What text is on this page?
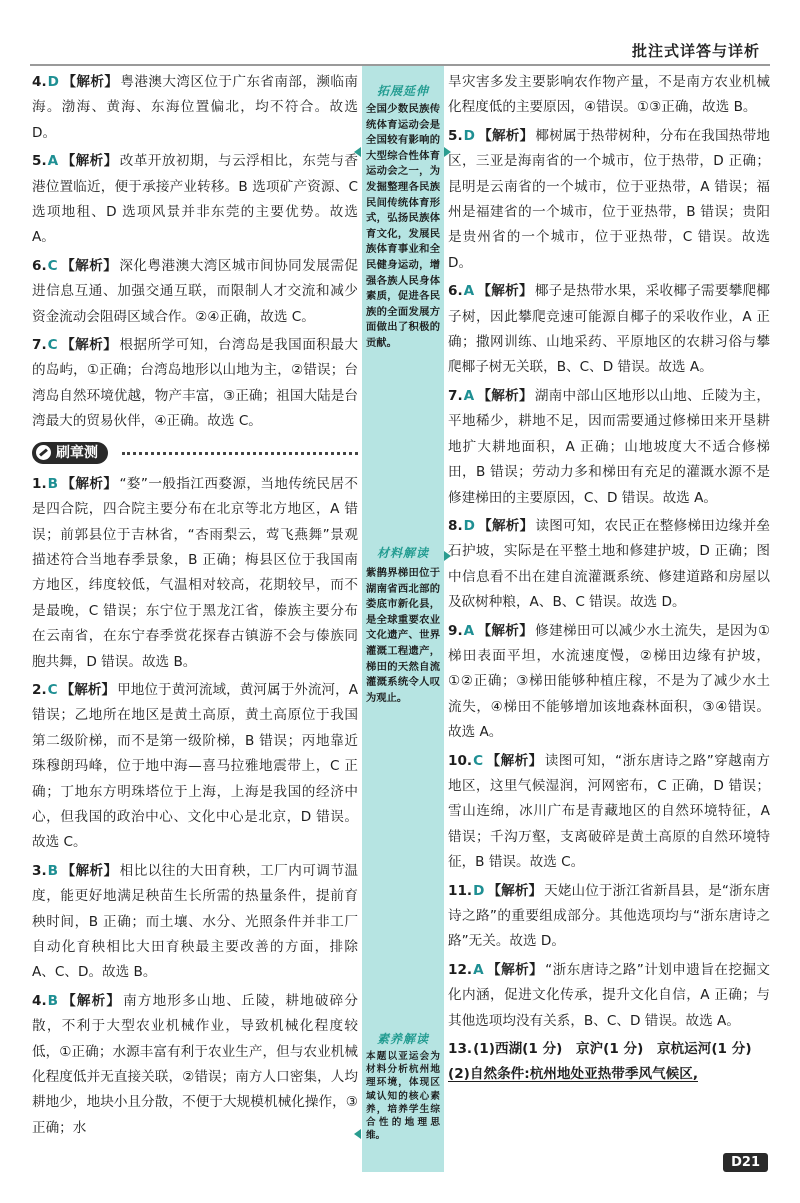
批注式详答与详析
4.D 【解析】 粤港澳大湾区位于广东省南部，濒临南海。渤海、黄海、东海位置偏北，均不符合。故选 D。
5.A 【解析】 改革开放初期，与云浮相比，东莞与香港位置临近，便于承接产业转移。B 选项矿产资源、C 选项地租、D 选项风景并非东莞的主要优势。故选 A。
6.C 【解析】 深化粤港澳大湾区城市间协同发展需促进信息互通、加强交通互联，而限制人才交流和减少资金流动会阻碍区域合作。②④正确，故选 C。
7.C 【解析】 根据所学可知，台湾岛是我国面积最大的岛屿，①正确；台湾岛地形以山地为主，②错误；台湾岛自然环境优越，物产丰富，③正确；祖国大陆是台湾最大的贸易伙伴，④正确。故选 C。
刷章测
1.B 【解析】 “婺”一般指江西婺源，当地传统民居不是四合院，四合院主要分布在北京等北方地区，A 错误；前郭县位于吉林省，“杏雨梨云，莺飞燕舞”景观描述符合当地春季景象，B 正确；梅县区位于我国南方地区，纬度较低，气温相对较高，花期较早，而不是最晚，C 错误；东宁位于黑龙江省，傣族主要分布在云南省，在东宁春季赏花探春古镇游不会与傣族同胞共舞，D 错误。故选 B。
2.C 【解析】 甲地位于黄河流域，黄河属于外流河，A 错误；乙地所在地区是黄土高原，黄土高原位于我国第二级阶梯，而不是第一级阶梯，B 错误；丙地靠近珠穆朗玛峰，位于地中海—喜马拉雅地震带上，C 正确；丁地东方明珠塔位于上海，上海是我国的经济中心，但我国的政治中心、文化中心是北京，D 错误。故选 C。
3.B 【解析】 相比以往的大田育秧，工厂内可调节温度，能更好地满足秧苗生长所需的热量条件，提前育秧时间，B 正确；而土壤、水分、光照条件并非工厂自动化育秧相比大田育秧最主要改善的方面，排除 A、C、D。故选 B。
4.B 【解析】 南方地形多山地、丘陵，耕地破碎分散，不利于大型农业机械作业，导致机械化程度较低，①正确；水源丰富有利于农业生产，但与农业机械化程度低并无直接关联，②错误；南方人口密集，人均耕地少，地块小且分散，不便于大规模机械化操作，③正确；水
拓展延伸
全国少数民族传统体育运动会是全国较有影响的大型综合性体育运动会之一，为发掘整理各民族民间传统体育形式，弘扬民族体育文化，发展民族体育事业和全民健身运动，增强各族人民身体素质，促进各民族的全面发展方面做出了积极的贡献。
材料解读
紫鹊界梯田位于湖南省西北部的娄底市新化县，是全球重要农业文化遗产、世界灌溉工程遗产，梯田的天然自流灌溉系统令人叹为观止。
素养解读
本题以亚运会为材料分析杭州地理环境，体现区域认知的核心素养，培养学生综合性的地理思维。
旱灾害多发主要影响农作物产量，不是南方农业机械化程度低的主要原因，④错误。①③正确，故选 B。
5.D 【解析】 椰树属于热带树种，分布在我国热带地区，三亚是海南省的一个城市，位于热带，D 正确；昆明是云南省的一个城市，位于亚热带，A 错误；福州是福建省的一个城市，位于亚热带，B 错误；贵阳是贵州省的一个城市，位于亚热带，C 错误。故选 D。
6.A 【解析】 椰子是热带水果，采收椰子需要攀爬椰子树，因此攀爬竞速可能源自椰子的采收作业，A 正确；撒网训练、山地采药、平原地区的农耕习俗与攀爬椰子树无关联，B、C、D 错误。故选 A。
7.A 【解析】 湖南中部山区地形以山地、丘陵为主，平地稀少，耕地不足，因而需要通过修梯田来开垦耕地扩大耕地面积，A 正确；山地坡度大不适合修梯田，B 错误；劳动力多和梯田有充足的灌溉水源不是修建梯田的主要原因，C、D 错误。故选 A。
8.D 【解析】 读图可知，农民正在整修梯田边缘并垒石护坡，实际是在平整土地和修建护坡，D 正确；图中信息看不出在建自流灌溉系统、修建道路和房屋以及砍树种粮，A、B、C 错误。故选 D。
9.A 【解析】 修建梯田可以减少水土流失，是因为①梯田表面平坦，水流速度慢，②梯田边缘有护坡，①②正确；③梯田能够种植庄稼，不是为了减少水土流失，④梯田不能够增加该地森林面积，③④错误。故选 A。
10.C 【解析】 读图可知，“浙东唐诗之路”穿越南方地区，这里气候湿润，河网密布，C 正确，D 错误；雪山连绵，冰川广布是青藏地区的自然环境特征，A 错误；千沟万壑，支离破碎是黄土高原的自然环境特征，B 错误。故选 C。
11.D 【解析】 天姥山位于浙江省新昌县，是“浙东唐诗之路”的重要组成部分。其他选项均与“浙东唐诗之路”无关。故选 D。
12.A 【解析】 “浙东唐诗之路”计划申遗旨在挖掘文化内涵，促进文化传承，提升文化自信，A 正确；与其他选项均没有关系，B、C、D 错误。故选 A。
13.(1)西湖(1 分)　京沪(1 分)　京杭运河(1 分)
(2)自然条件:杭州地处亚热带季风气候区,
D21
